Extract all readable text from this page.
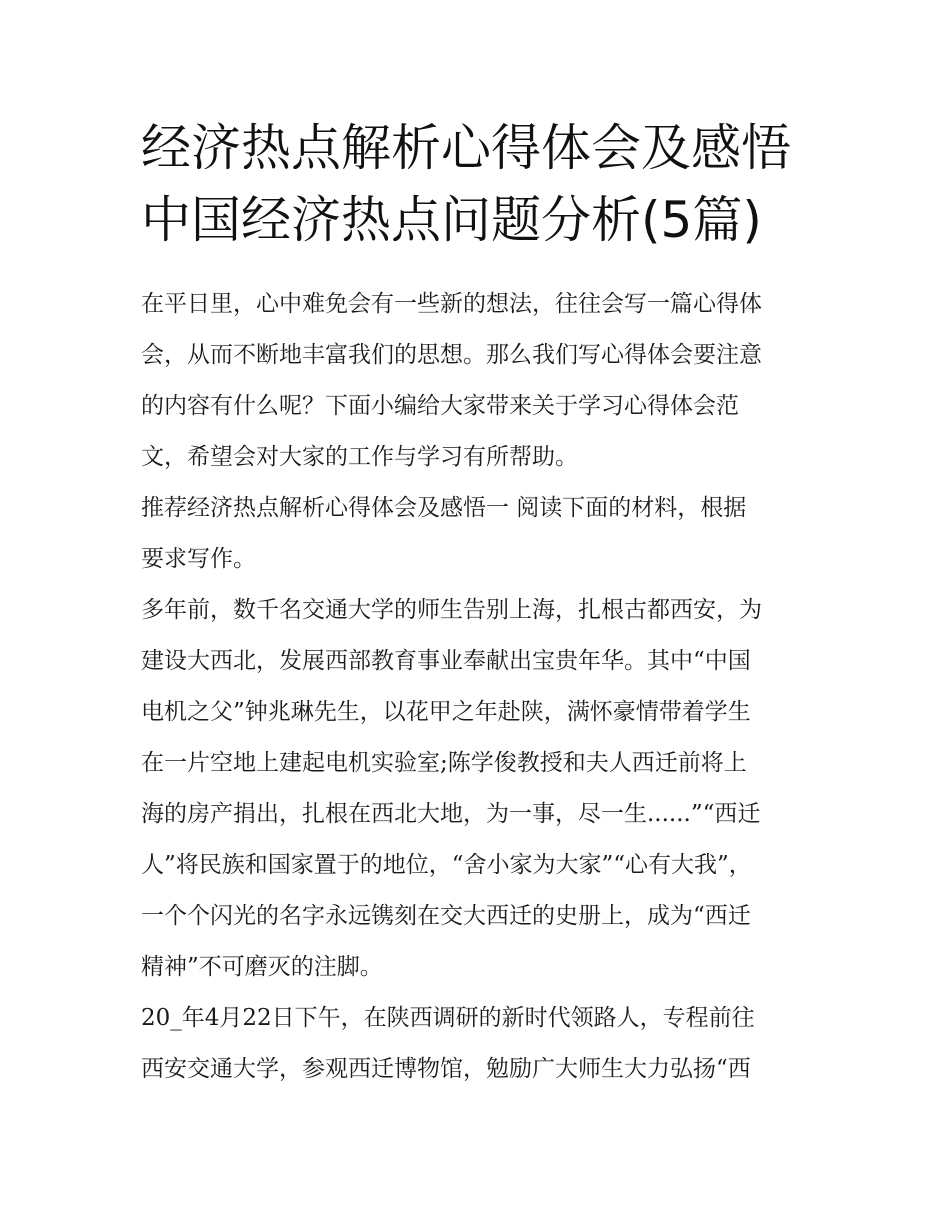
经济热点解析心得体会及感悟
中国经济热点问题分析(5篇)

在平日里，心中难免会有一些新的想法，往往会写一篇心得体
会，从而不断地丰富我们的思想。那么我们写心得体会要注意
的内容有什么呢？下面小编给大家带来关于学习心得体会范
文，希望会对大家的工作与学习有所帮助。

推荐经济热点解析心得体会及感悟一 阅读下面的材料，根据
要求写作。

多年前，数千名交通大学的师生告别上海，扎根古都西安，为
建设大西北，发展西部教育事业奉献出宝贵年华。其中“中国
电机之父”钟兆琳先生，以花甲之年赴陕，满怀豪情带着学生
在一片空地上建起电机实验室;陈学俊教授和夫人西迁前将上
海的房产捐出，扎根在西北大地，为一事，尽一生......”“西迁
人”将民族和国家置于的地位，“舍小家为大家”“心有大我”，
一个个闪光的名字永远镌刻在交大西迁的史册上，成为“西迁
精神”不可磨灭的注脚。

20_年4月22日下午，在陕西调研的新时代领路人，专程前往
西安交通大学，参观西迁博物馆，勉励广大师生大力弘扬“西
